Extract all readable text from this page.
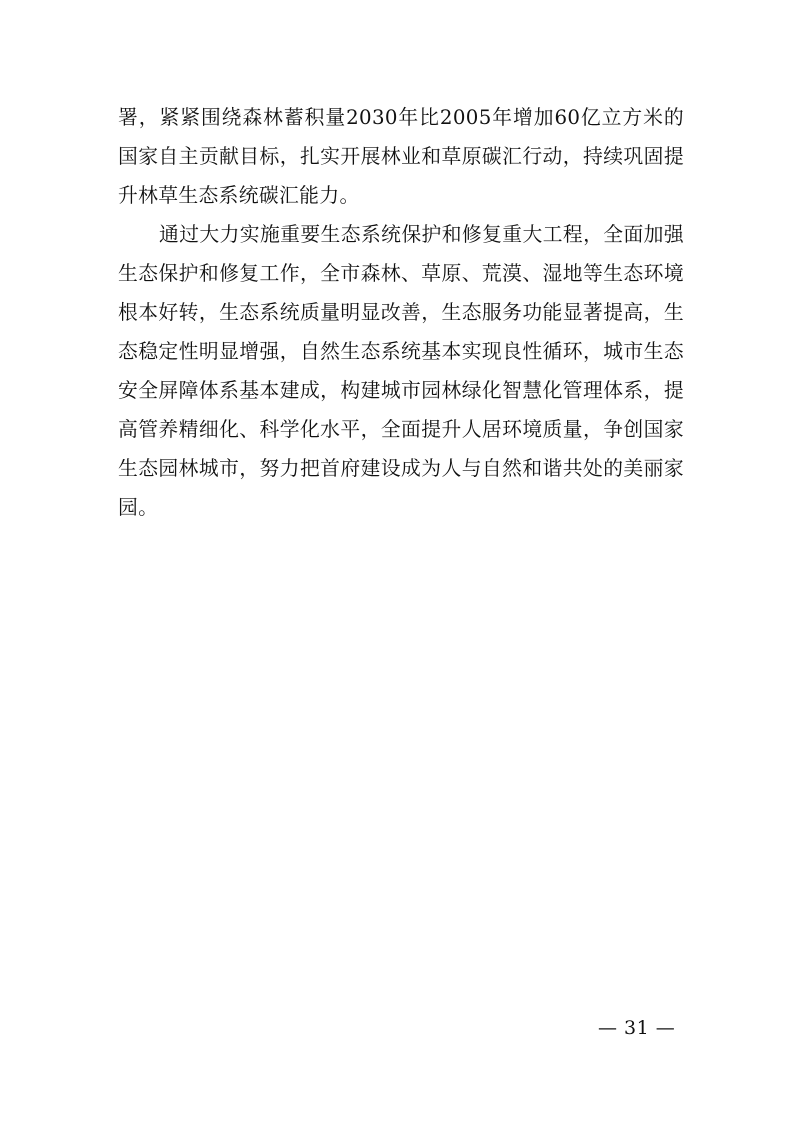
署，紧紧围绕森林蓄积量2030年比2005年增加60亿立方米的国家自主贡献目标，扎实开展林业和草原碳汇行动，持续巩固提升林草生态系统碳汇能力。

通过大力实施重要生态系统保护和修复重大工程，全面加强生态保护和修复工作，全市森林、草原、荒漠、湿地等生态环境根本好转，生态系统质量明显改善，生态服务功能显著提高，生态稳定性明显增强，自然生态系统基本实现良性循环，城市生态安全屏障体系基本建成，构建城市园林绿化智慧化管理体系，提高管养精细化、科学化水平，全面提升人居环境质量，争创国家生态园林城市，努力把首府建设成为人与自然和谐共处的美丽家园。

— 31 —
